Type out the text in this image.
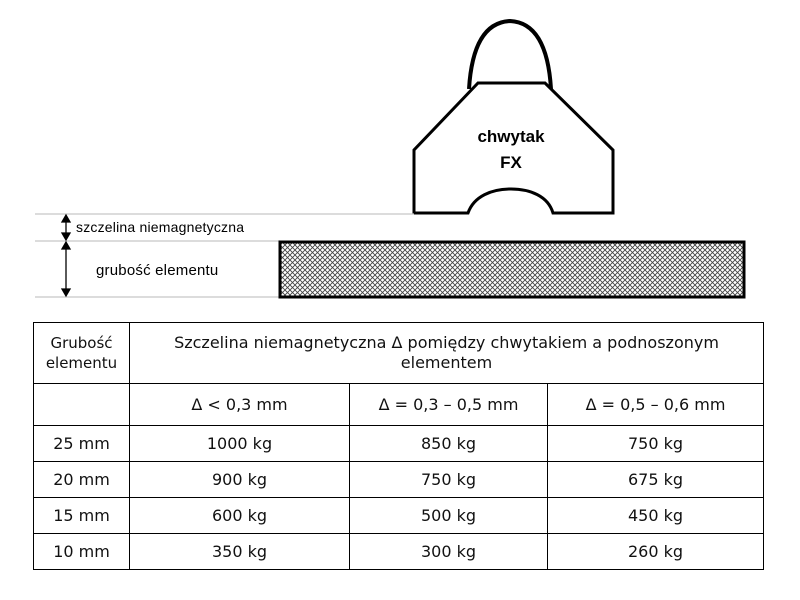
chwytak
FX
szczelina niemagnetyczna
grubość elementu
Grubość
elementu	Szczelina niemagnetyczna Δ pomiędzy chwytakiem a podnoszonym elementem		
	Δ < 0,3 mm	Δ = 0,3 – 0,5 mm	Δ = 0,5 – 0,6 mm
25 mm	1000 kg	850 kg	750 kg
20 mm	900 kg	750 kg	675 kg
15 mm	600 kg	500 kg	450 kg
10 mm	350 kg	300 kg	260 kg
